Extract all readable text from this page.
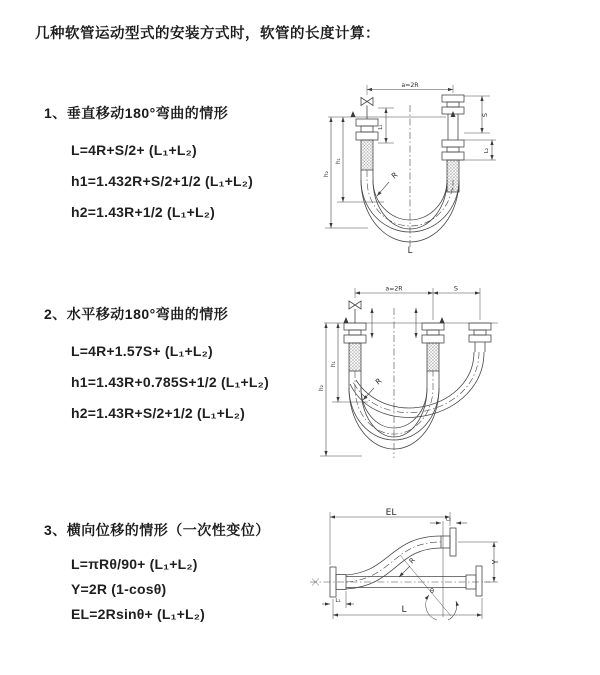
几种软管运动型式的安装方式时，软管的长度计算：
1、垂直移动180°弯曲的情形
L=4R+S/2+ (L₁+L₂)
h1=1.432R+S/2+1/2 (L₁+L₂)
h2=1.43R+1/2 (L₁+L₂)
2、水平移动180°弯曲的情形
L=4R+1.57S+ (L₁+L₂)
h1=1.43R+0.785S+1/2 (L₁+L₂)
h2=1.43R+S/2+1/2 (L₁+L₂)
3、横向位移的情形（一次性变位）
L=πRθ/90+ (L₁+L₂)
Y=2R (1-cosθ)
EL=2Rsinθ+ (L₁+L₂)
a=2R
L₁
h₁
h₂
S
L₂
R
L
a=2R	S
h₁
h₂
R
θ
R
EL
L₂
Y
L
L₁
